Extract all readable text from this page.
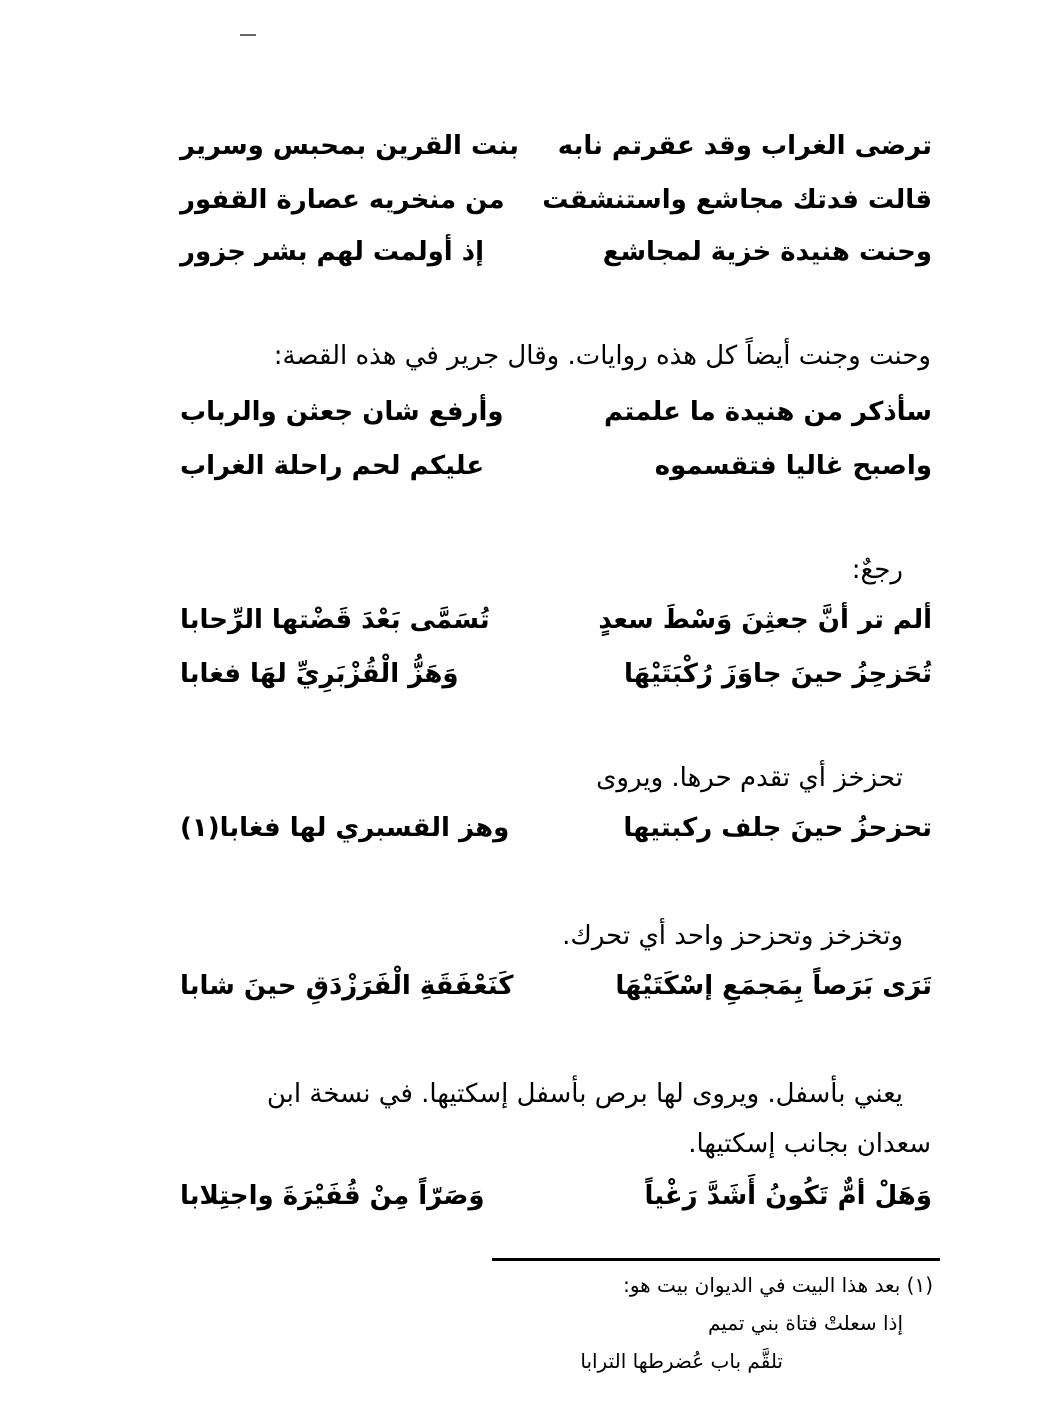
ترضى الغراب وقد عقرتم نابه
بنت القرين بمحبس وسرير
قالت فدتك مجاشع واستنشقت
من منخريه عصارة القفور
وحنت هنيدة خزية لمجاشع
إذ أولمت لهم بشر جزور
وحنت وجنت أيضاً كل هذه روايات. وقال جرير في هذه القصة:
سأذكر من هنيدة ما علمتم
وأرفع شان جعثن والرباب
واصبح غاليا فتقسموه
عليكم لحم راحلة الغراب
رجعٌ:
ألم تر أنَّ جعثِنَ وَسْطَ سعدٍ
تُسَمَّى بَعْدَ قَضْتها الرِّحابا
تُحَزحِزُ حينَ جاوَزَ رُكْبَتَيْهَا
وَهَزُّ الْقُزْبَرِيِّ لهَا فغابا
تحزخز أي تقدم حرها. ويروى
تحزحزُ حينَ جلف ركبتيها
وهز القسبري لها فغابا(١)
وتخزخز وتحزحز واحد أي تحرك.
تَرَى بَرَصاً بِمَجمَعِ إسْكَتَيْهَا
كَنَعْفَقَةِ الْفَرَزْدَقِ حينَ شابا
يعني بأسفل. ويروى لها برص بأسفل إسكتيها. في نسخة ابن
سعدان بجانب إسكتيها.
وَهَلْ أمٌّ تَكُونُ أَشَدَّ رَغْياً
وَصَرّاً مِنْ قُفَيْرَةَ واجتِلابا
(١) بعد هذا البيت في الديوان بيت هو:
إذا سعلتْ فتاة بني تميم
تلقَّم باب عُضرطها الترابا
